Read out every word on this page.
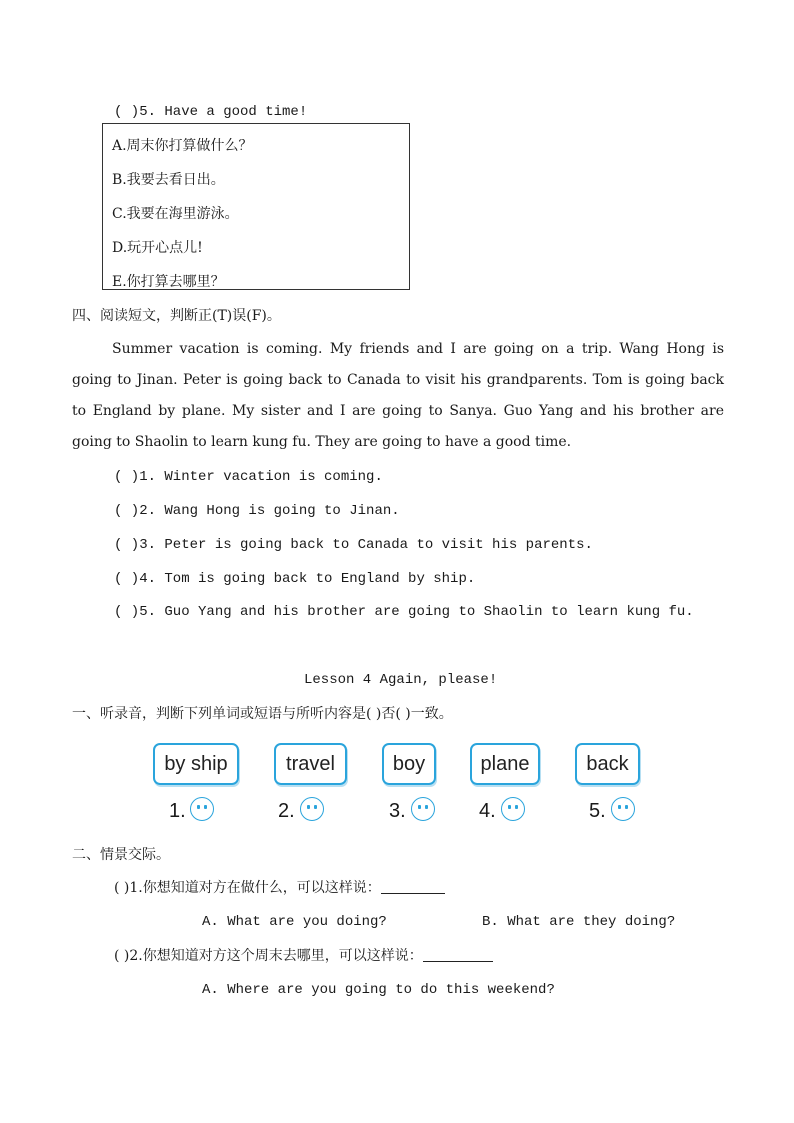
( )5. Have a good time!
A.周末你打算做什么？
B.我要去看日出。
C.我要在海里游泳。
D.玩开心点儿!
E.你打算去哪里？
四、阅读短文，判断正(T)误(F)。
Summer vacation is coming. My friends and I are going on a trip. Wang Hong is going to Jinan. Peter is going back to Canada to visit his grandparents. Tom is going back to England by plane. My sister and I are going to Sanya. Guo Yang and his brother are going to Shaolin to learn kung fu. They are going to have a good time.
( )1. Winter vacation is coming.
( )2. Wang Hong is going to Jinan.
( )3. Peter is going back to Canada to visit his parents.
( )4. Tom is going back to England by ship.
( )5. Guo Yang and his brother are going to Shaolin to learn kung fu.
Lesson 4 Again, please!
一、听录音，判断下列单词或短语与所听内容是( )否( )一致。
by ship	travel	boy	plane	back
1.	2.	3.	4.	5.
二、情景交际。
( )1.你想知道对方在做什么，可以这样说：
A. What are you doing?	B. What are they doing?
( )2.你想知道对方这个周末去哪里，可以这样说：
A. Where are you going to do this weekend?
